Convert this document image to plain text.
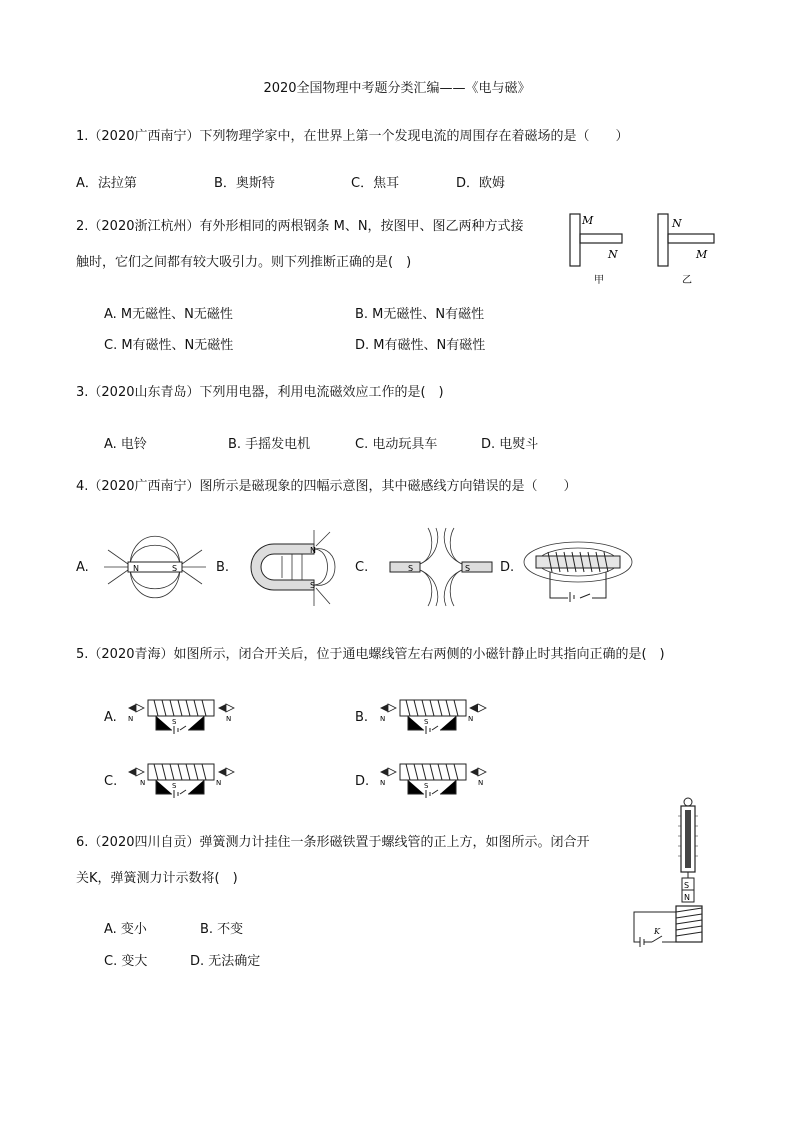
2020全国物理中考题分类汇编——《电与磁》
1.（2020广西南宁）下列物理学家中，在世界上第一个发现电流的周围存在着磁场的是（　　）
A．法拉第	B．奥斯特	C．焦耳	D．欧姆
2.（2020浙江杭州）有外形相同的两根钢条 M、N，按图甲、图乙两种方式接
触时，它们之间都有较大吸引力。则下列推断正确的是(　)
A. M无磁性、N无磁性	B. M无磁性、N有磁性
C. M有磁性、N无磁性	D. M有磁性、N有磁性
M
N
甲
N
M
乙
3.（2020山东青岛）下列用电器，利用电流磁效应工作的是(　)
A. 电铃	B. 手摇发电机	C. 电动玩具车	D. 电熨斗
4.（2020广西南宁）图所示是磁现象的四幅示意图，其中磁感线方向错误的是（　　）
A.	B.	C.	D.
N	S
N
S
S	S
5.（2020青海）如图所示，闭合开关后，位于通电螺线管左右两侧的小磁针静止时其指向正确的是(　)
A.	B.
C.	D.
N	S	N	N	S	N
N	S	N	N	S	N
6.（2020四川自贡）弹簧测力计挂住一条形磁铁置于螺线管的正上方，如图所示。闭合开
关K，弹簧测力计示数将(　)
A. 变小	B. 不变
C. 变大	D. 无法确定
S
N
K
